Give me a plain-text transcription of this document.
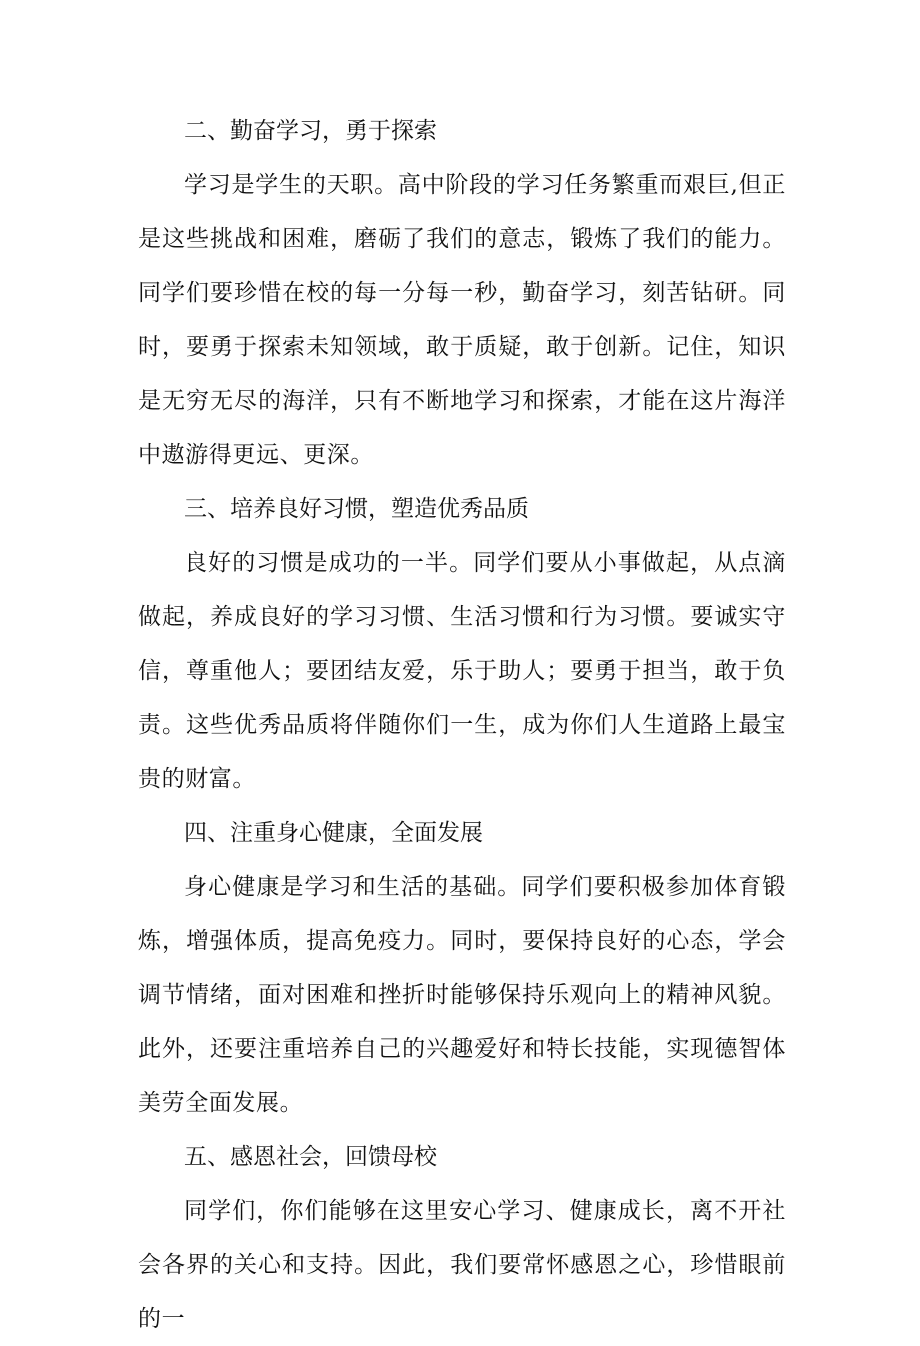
二、勤奋学习，勇于探索

学习是学生的天职。高中阶段的学习任务繁重而艰巨,但正是这些挑战和困难，磨砺了我们的意志，锻炼了我们的能力。同学们要珍惜在校的每一分每一秒，勤奋学习，刻苦钻研。同时，要勇于探索未知领域，敢于质疑，敢于创新。记住，知识是无穷无尽的海洋，只有不断地学习和探索，才能在这片海洋中遨游得更远、更深。

三、培养良好习惯，塑造优秀品质

良好的习惯是成功的一半。同学们要从小事做起，从点滴做起，养成良好的学习习惯、生活习惯和行为习惯。要诚实守信，尊重他人；要团结友爱，乐于助人；要勇于担当，敢于负责。这些优秀品质将伴随你们一生，成为你们人生道路上最宝贵的财富。

四、注重身心健康，全面发展

身心健康是学习和生活的基础。同学们要积极参加体育锻炼，增强体质，提高免疫力。同时，要保持良好的心态，学会调节情绪，面对困难和挫折时能够保持乐观向上的精神风貌。此外，还要注重培养自己的兴趣爱好和特长技能，实现德智体美劳全面发展。

五、感恩社会，回馈母校

同学们，你们能够在这里安心学习、健康成长，离不开社会各界的关心和支持。因此，我们要常怀感恩之心，珍惜眼前的一
